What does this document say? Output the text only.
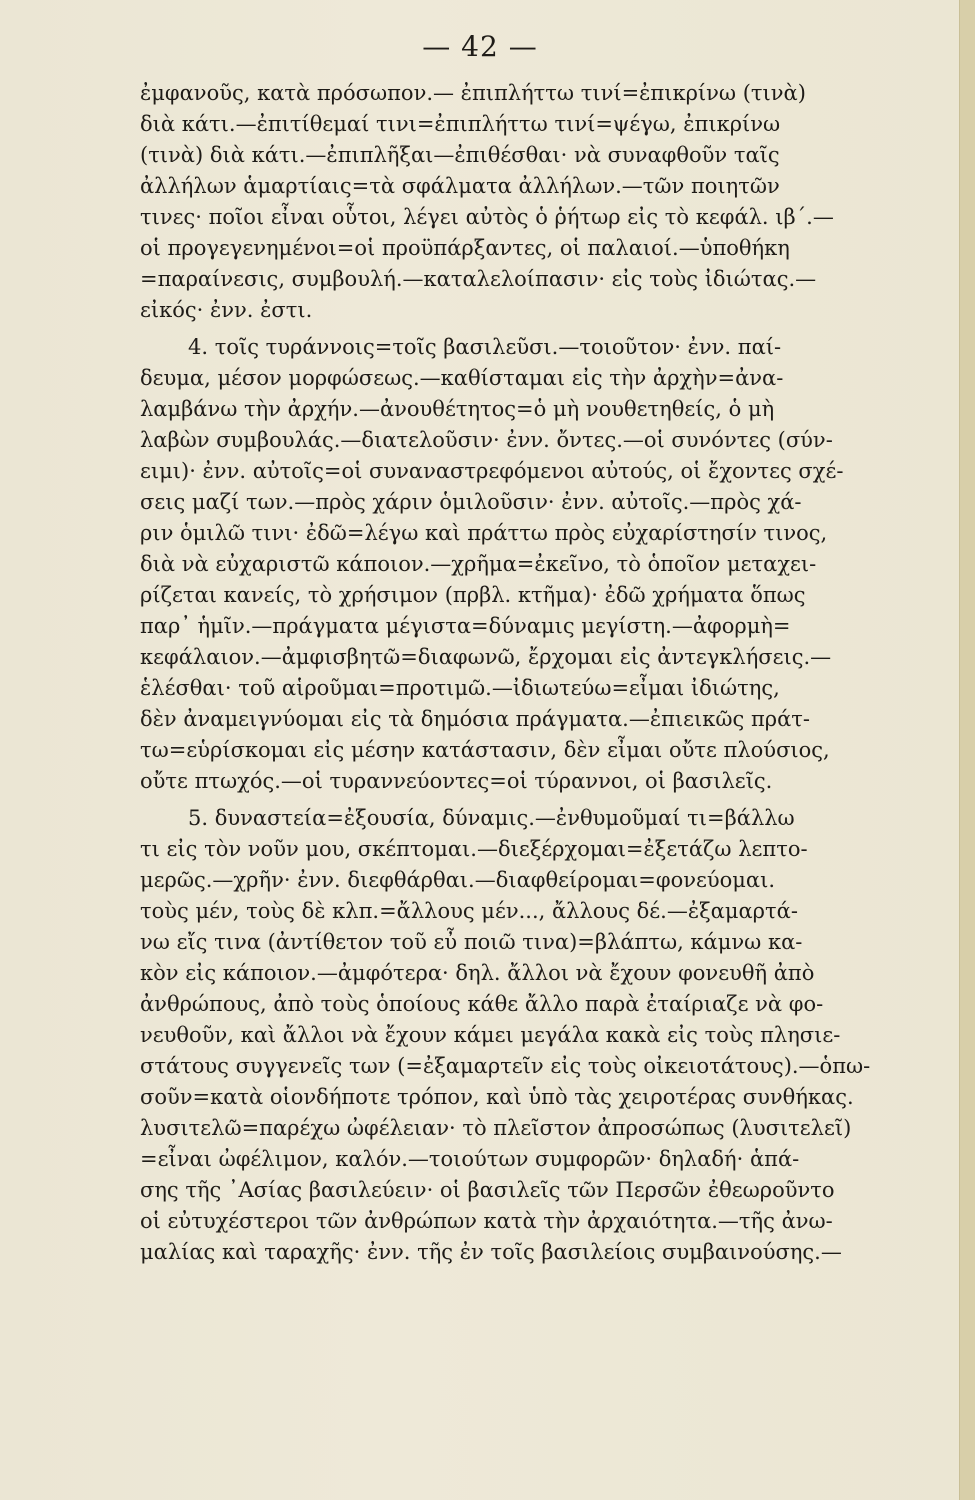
— 42 —
ἐμφανοῦς, κατὰ πρόσωπον.— ἐπιπλήττω τινί=ἐπικρίνω (τινὰ)
διὰ κάτι.—ἐπιτίθεμαί τινι=ἐπιπλήττω τινί=ψέγω, ἐπικρίνω
(τινὰ) διὰ κάτι.—ἐπιπλῆξαι—ἐπιθέσθαι· νὰ συναφθοῦν ταῖς
ἀλλήλων ἁμαρτίαις=τὰ σφάλματα ἀλλήλων.—τῶν ποιητῶν
τινες· ποῖοι εἶναι οὗτοι, λέγει αὐτὸς ὁ ῥήτωρ εἰς τὸ κεφάλ. ιβ΄.—
οἱ προγεγενημένοι=οἱ προϋπάρξαντες, οἱ παλαιοί.—ὑποθήκη
=παραίνεσις, συμβουλή.—καταλελοίπασιν· εἰς τοὺς ἰδιώτας.—
εἰκός· ἐνν. ἐστι.
4. τοῖς τυράννοις=τοῖς βασιλεῦσι.—τοιοῦτον· ἐνν. παί-
δευμα, μέσον μορφώσεως.—καθίσταμαι εἰς τὴν ἀρχὴν=ἀνα-
λαμβάνω τὴν ἀρχήν.—ἀνουθέτητος=ὁ μὴ νουθετηθείς, ὁ μὴ
λαβὼν συμβουλάς.—διατελοῦσιν· ἐνν. ὄντες.—οἱ συνόντες (σύν-
ειμι)· ἐνν. αὐτοῖς=οἱ συναναστρεφόμενοι αὐτούς, οἱ ἔχοντες σχέ-
σεις μαζί των.—πρὸς χάριν ὁμιλοῦσιν· ἐνν. αὐτοῖς.—πρὸς χά-
ριν ὁμιλῶ τινι· ἐδῶ=λέγω καὶ πράττω πρὸς εὐχαρίστησίν τινος,
διὰ νὰ εὐχαριστῶ κάποιον.—χρῆμα=ἐκεῖνο, τὸ ὁποῖον μεταχει-
ρίζεται κανείς, τὸ χρήσιμον (πρβλ. κτῆμα)· ἐδῶ χρήματα ὅπως
παρ᾽ ἡμῖν.—πράγματα μέγιστα=δύναμις μεγίστη.—ἀφορμὴ=
κεφάλαιον.—ἀμφισβητῶ=διαφωνῶ, ἔρχομαι εἰς ἀντεγκλήσεις.—
ἑλέσθαι· τοῦ αἱροῦμαι=προτιμῶ.—ἰδιωτεύω=εἶμαι ἰδιώτης,
δὲν ἀναμειγνύομαι εἰς τὰ δημόσια πράγματα.—ἐπιεικῶς πράτ-
τω=εὑρίσκομαι εἰς μέσην κατάστασιν, δὲν εἶμαι οὔτε πλούσιος,
οὔτε πτωχός.—οἱ τυραννεύοντες=οἱ τύραννοι, οἱ βασιλεῖς.
5. δυναστεία=ἐξουσία, δύναμις.—ἐνθυμοῦμαί τι=βάλλω
τι εἰς τὸν νοῦν μου, σκέπτομαι.—διεξέρχομαι=ἐξετάζω λεπτο-
μερῶς.—χρῆν· ἐνν. διεφθάρθαι.—διαφθείρομαι=φονεύομαι.
τοὺς μέν, τοὺς δὲ κλπ.=ἄλλους μέν..., ἄλλους δέ.—ἐξαμαρτά-
νω εἴς τινα (ἀντίθετον τοῦ εὖ ποιῶ τινα)=βλάπτω, κάμνω κα-
κὸν εἰς κάποιον.—ἀμφότερα· δηλ. ἄλλοι νὰ ἔχουν φονευθῆ ἀπὸ
ἀνθρώπους, ἀπὸ τοὺς ὁποίους κάθε ἄλλο παρὰ ἐταίριαζε νὰ φο-
νευθοῦν, καὶ ἄλλοι νὰ ἔχουν κάμει μεγάλα κακὰ εἰς τοὺς πλησιε-
στάτους συγγενεῖς των (=ἐξαμαρτεῖν εἰς τοὺς οἰκειοτάτους).—ὁπω-
σοῦν=κατὰ οἱονδήποτε τρόπον, καὶ ὑπὸ τὰς χειροτέρας συνθήκας.
λυσιτελῶ=παρέχω ὠφέλειαν· τὸ πλεῖστον ἀπροσώπως (λυσιτελεῖ)
=εἶναι ὠφέλιμον, καλόν.—τοιούτων συμφορῶν· δηλαδή· ἁπά-
σης τῆς ᾿Ασίας βασιλεύειν· οἱ βασιλεῖς τῶν Περσῶν ἐθεωροῦντο
οἱ εὐτυχέστεροι τῶν ἀνθρώπων κατὰ τὴν ἀρχαιότητα.—τῆς ἀνω-
μαλίας καὶ ταραχῆς· ἐνν. τῆς ἐν τοῖς βασιλείοις συμβαινούσης.—
